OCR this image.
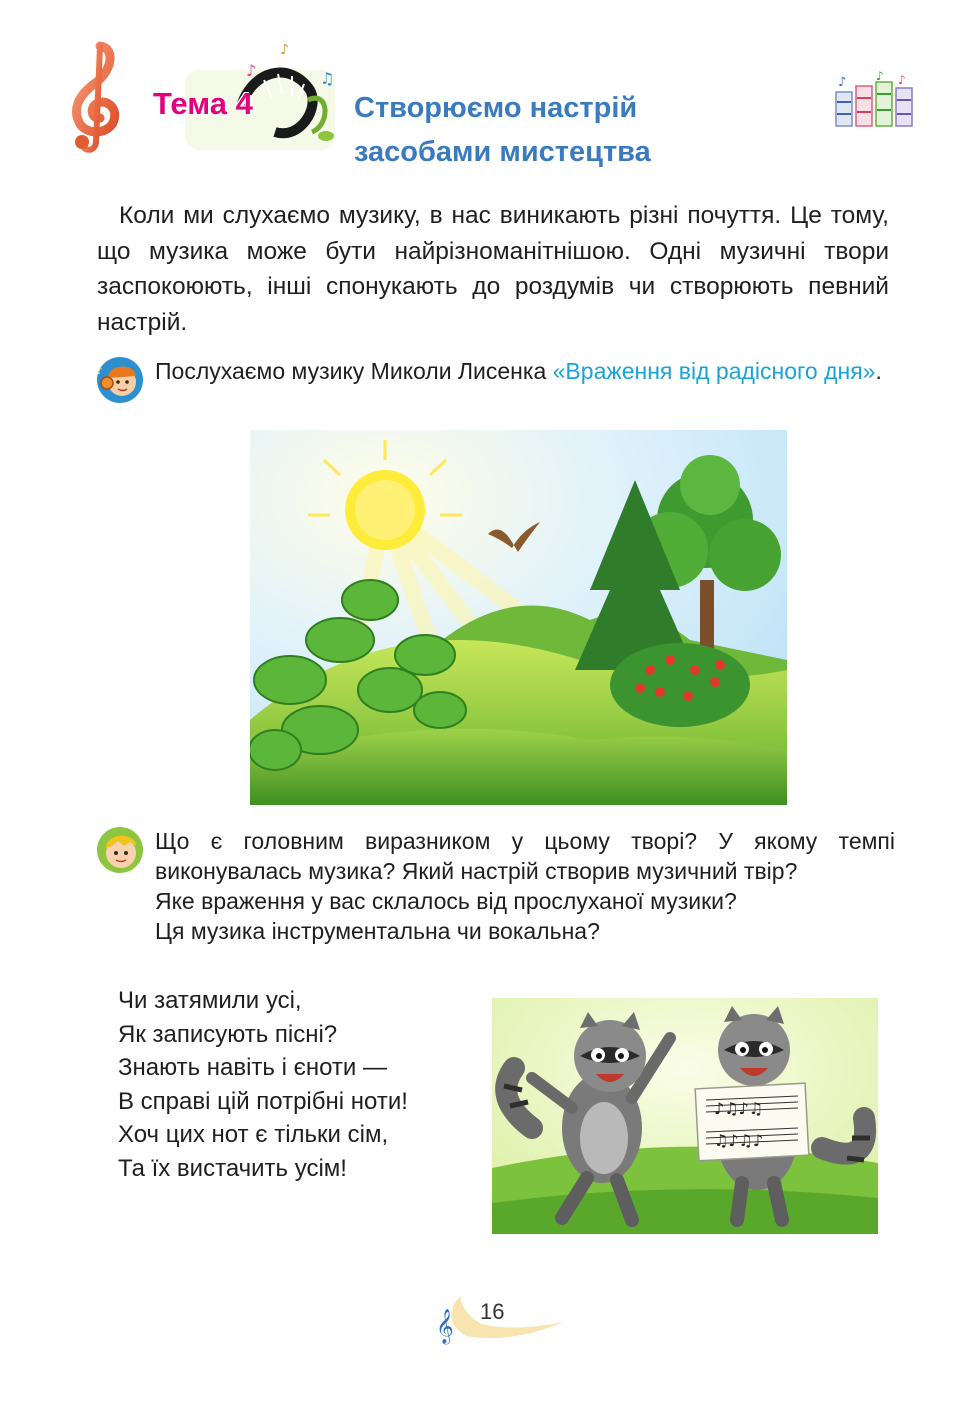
♪
♪
♫
Тема 4	Створюємо настрій
засобами мистецтва
♪ ♪ ♪

Коли ми слухаємо музику, в нас виникають різні почуття. Це тому, що музика може бути найрізноманітнішою. Одні музичні твори заспокоюють, інші спонукають до роздумів чи створюють певний настрій.

♪ Послухаємо музику Миколи Лисенка «Враження від радісного дня».

Що є головним виразником у цьому творі? У якому темпі
виконувалась музика? Який настрій створив музичний твір?
Яке враження у вас склалось від прослуханої музики?
Ця музика інструментальна чи вокальна?

Чи затямили усі,
Як записують пісні?
Знають навіть і єноти —
В справі цій потрібні ноти!
Хоч цих нот є тільки сім,
Та їх вистачить усім!

♪♫♪♫
♫♪♫♪
𝄞 16
